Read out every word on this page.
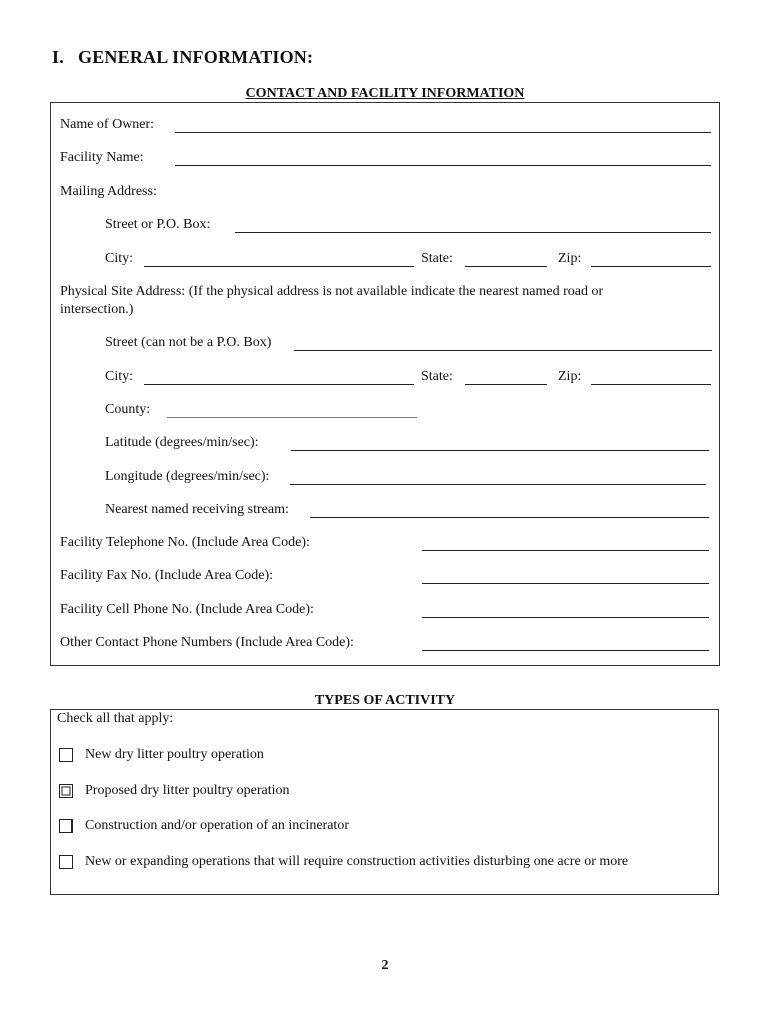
I. GENERAL INFORMATION:
CONTACT AND FACILITY INFORMATION
Name of Owner:
Facility Name:
Mailing Address:
Street or P.O. Box:
City:	State:	Zip:
Physical Site Address: (If the physical address is not available indicate the nearest named road or
intersection.)
Street (can not be a P.O. Box)
City:	State:	Zip:
County:
Latitude (degrees/min/sec):
Longitude (degrees/min/sec):
Nearest named receiving stream:
Facility Telephone No. (Include Area Code):
Facility Fax No. (Include Area Code):
Facility Cell Phone No. (Include Area Code):
Other Contact Phone Numbers (Include Area Code):
TYPES OF ACTIVITY
Check all that apply:
New dry litter poultry operation
Proposed dry litter poultry operation
Construction and/or operation of an incinerator
New or expanding operations that will require construction activities disturbing one acre or more
2
